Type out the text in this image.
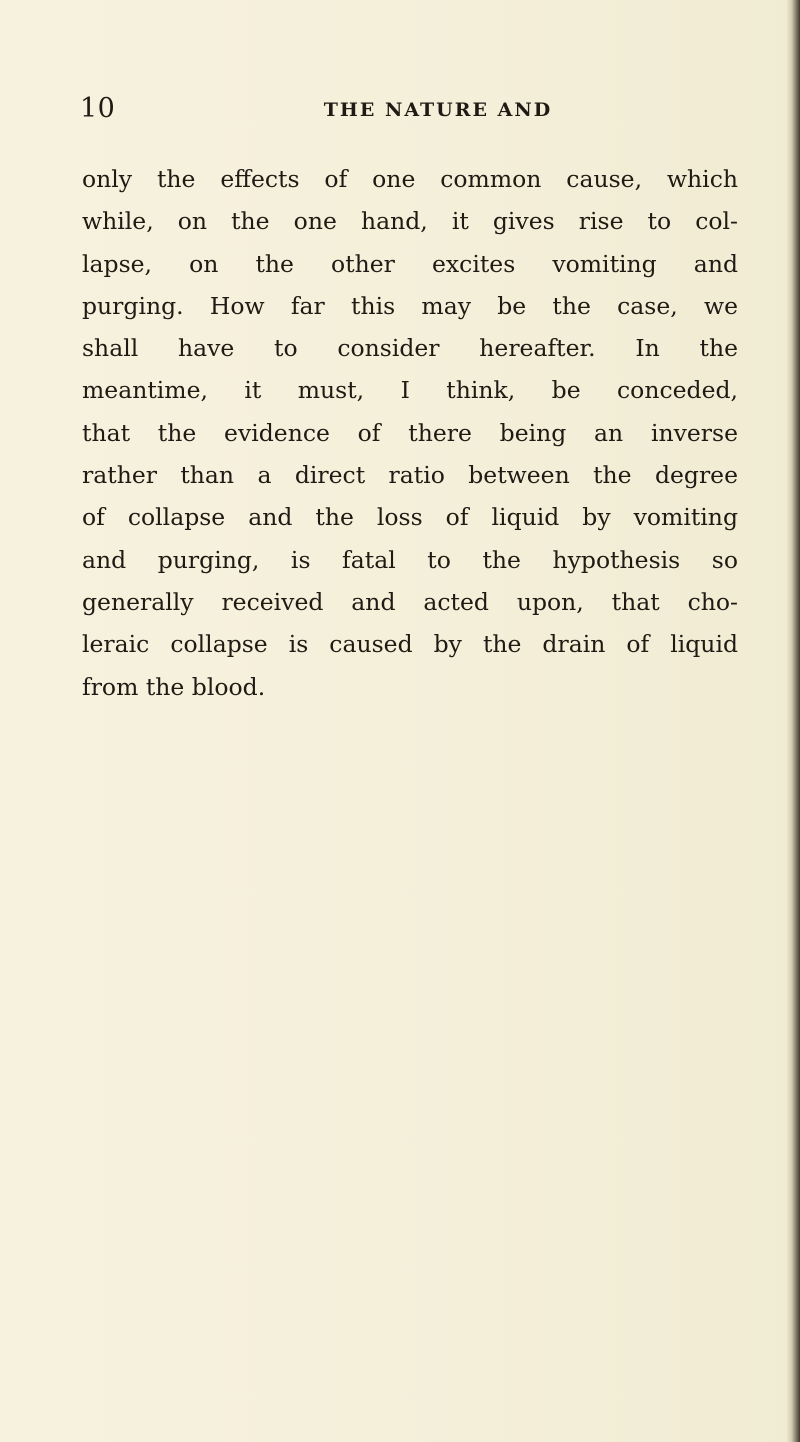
10	THE NATURE AND
only the effects of one common cause, which
while, on the one hand, it gives rise to col-
lapse, on the other excites vomiting and
purging. How far this may be the case, we
shall have to consider hereafter. In the
meantime, it must, I think, be conceded,
that the evidence of there being an inverse
rather than a direct ratio between the degree
of collapse and the loss of liquid by vomiting
and purging, is fatal to the hypothesis so
generally received and acted upon, that cho-
leraic collapse is caused by the drain of liquid
from the blood.
